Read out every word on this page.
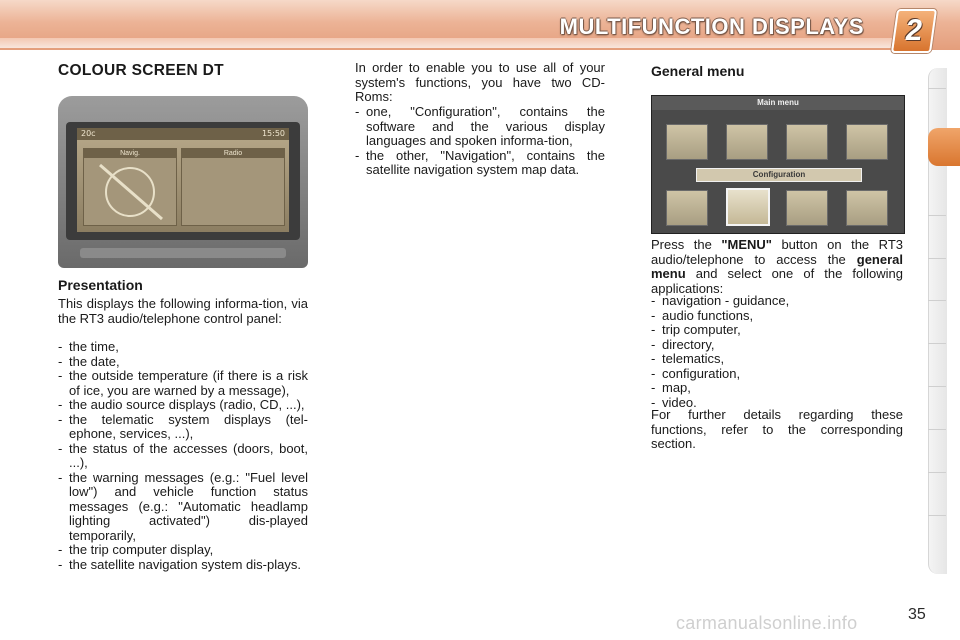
MULTIFUNCTION DISPLAYS	2
COLOUR SCREEN DT
20c	15:50
Navig.	Radio
Presentation

This displays the following informa-tion, via the RT3 audio/telephone control panel:

- the time,
- the date,
- the outside temperature (if there is a risk of ice, you are warned by a message),
- the audio source displays (radio, CD, ...),
- the telematic system displays (tel-ephone, services, ...),
- the status of the accesses (doors, boot, ...),
- the warning messages (e.g.: "Fuel level low") and vehicle function status messages (e.g.: "Automatic headlamp lighting activated") dis-played temporarily,
- the trip computer display,
- the satellite navigation system dis-plays.

In order to enable you to use all of your system's functions, you have two CD-Roms:

- one, "Configuration", contains the software and the various display languages and spoken informa-tion,
- the other, "Navigation", contains the satellite navigation system map data.
General menu
Main menu
Configuration

Press the "MENU" button on the RT3 audio/telephone to access the general menu and select one of the following applications:

- navigation - guidance,
- audio functions,
- trip computer,
- directory,
- telematics,
- configuration,
- map,
- video.

For further details regarding these functions, refer to the corresponding section.

carmanualsonline.info	35
